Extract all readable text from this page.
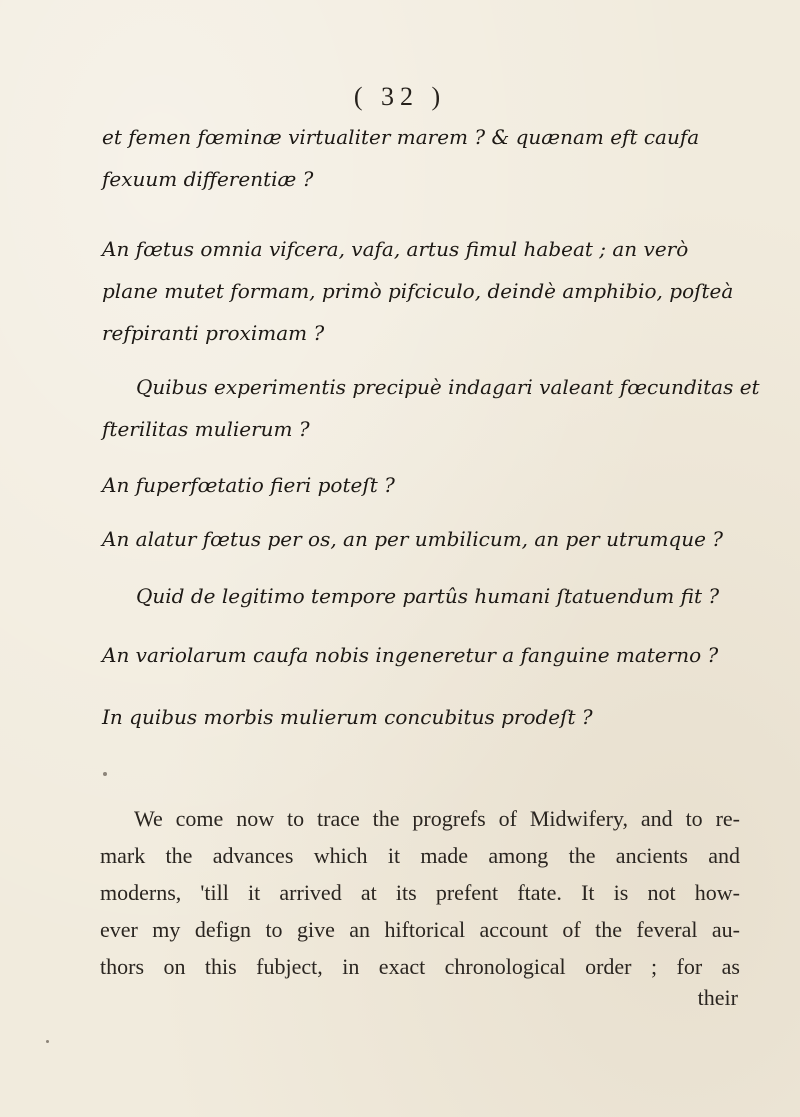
( 32 )
et femen fœminæ virtualiter marem ? & quænam eft caufa
fexuum differentiæ ?
An fœtus omnia vifcera, vafa, artus fimul habeat ; an verò
plane mutet formam, primò pifciculo, deindè amphibio, poſteà
refpiranti proximam ?
Quibus experimentis precipuè indagari valeant fœcunditas et
fterilitas mulierum ?
An fuperfœtatio fieri poteſt ?
An alatur fœtus per os, an per umbilicum, an per utrumque ?
Quid de legitimo tempore partûs humani ſtatuendum fit ?
An variolarum caufa nobis ingeneretur a fanguine materno ?
In quibus morbis mulierum concubitus prodeſt ?
We come now to trace the progrefs of Midwifery, and to re-
mark the advances which it made among the ancients and
moderns, 'till it arrived at its prefent ftate. It is not how-
ever my defign to give an hiftorical account of the feveral au-
thors on this fubject, in exact chronological order ; for as
their
